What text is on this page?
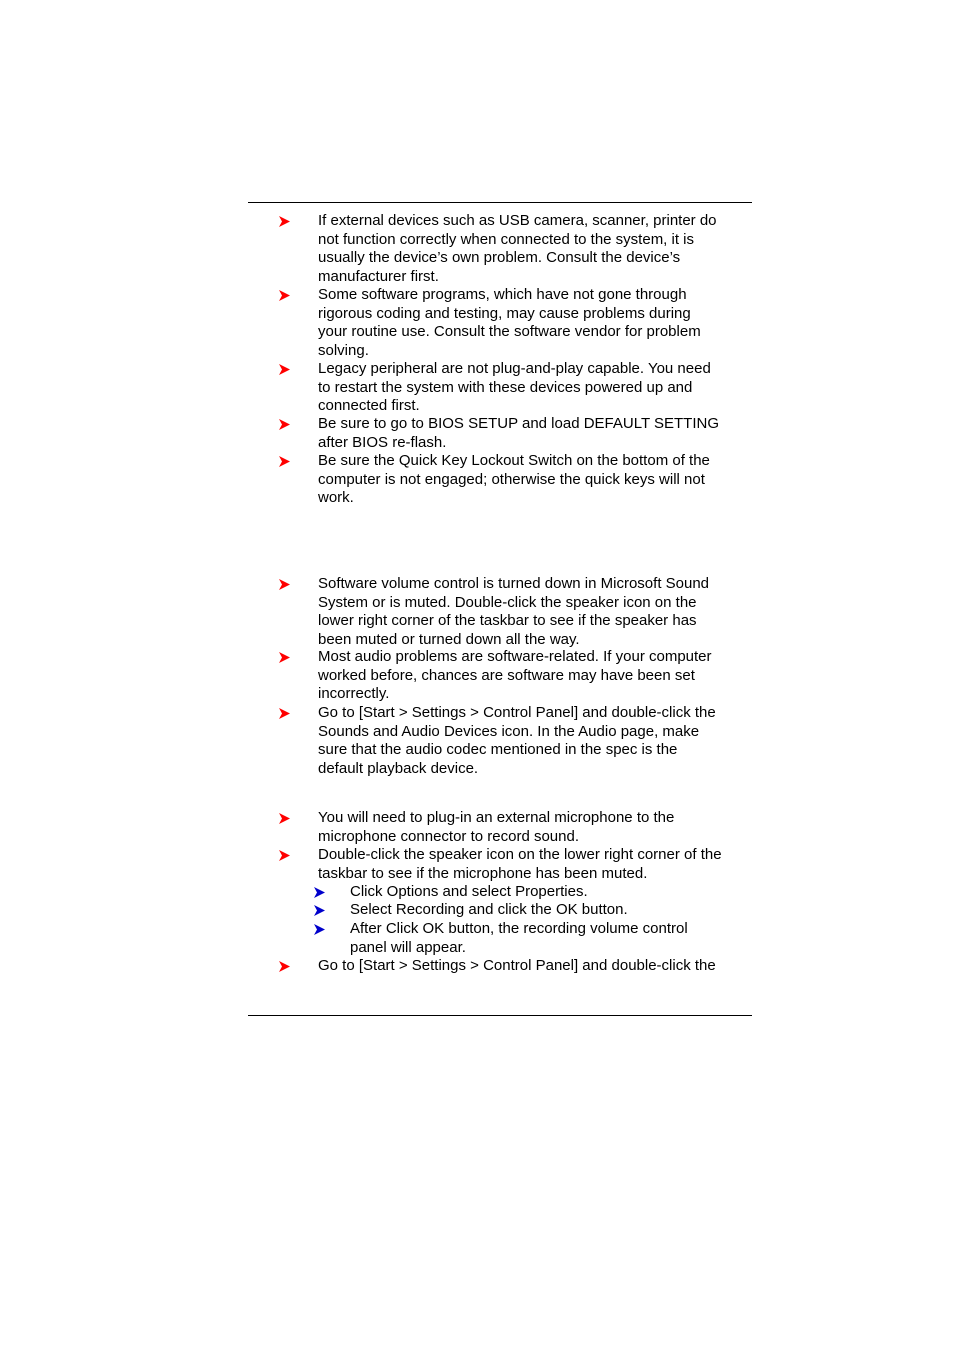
If external devices such as USB camera, scanner, printer do
not function correctly when connected to the system, it is
usually the device’s own problem. Consult the device’s
manufacturer first.
Some software programs, which have not gone through
rigorous coding and testing, may cause problems during
your routine use. Consult the software vendor for problem
solving.
Legacy peripheral are not plug-and-play capable. You need
to restart the system with these devices powered up and
connected first.
Be sure to go to BIOS SETUP and load DEFAULT SETTING
after BIOS re-flash.
Be sure the Quick Key Lockout Switch on the bottom of the
computer is not engaged; otherwise the quick keys will not
work.
Software volume control is turned down in Microsoft Sound
System or is muted. Double-click the speaker icon on the
lower right corner of the taskbar to see if the speaker has
been muted or turned down all the way.
Most audio problems are software-related. If your computer
worked before, chances are software may have been set
incorrectly.
Go to [Start > Settings > Control Panel] and double-click the
Sounds and Audio Devices icon. In the Audio page, make
sure that the audio codec mentioned in the spec is the
default playback device.
You will need to plug-in an external microphone to the
microphone connector to record sound.
Double-click the speaker icon on the lower right corner of the
taskbar to see if the microphone has been muted.
Click Options and select Properties.
Select Recording and click the OK button.
After Click OK button, the recording volume control
panel will appear.
Go to [Start > Settings > Control Panel] and double-click the
